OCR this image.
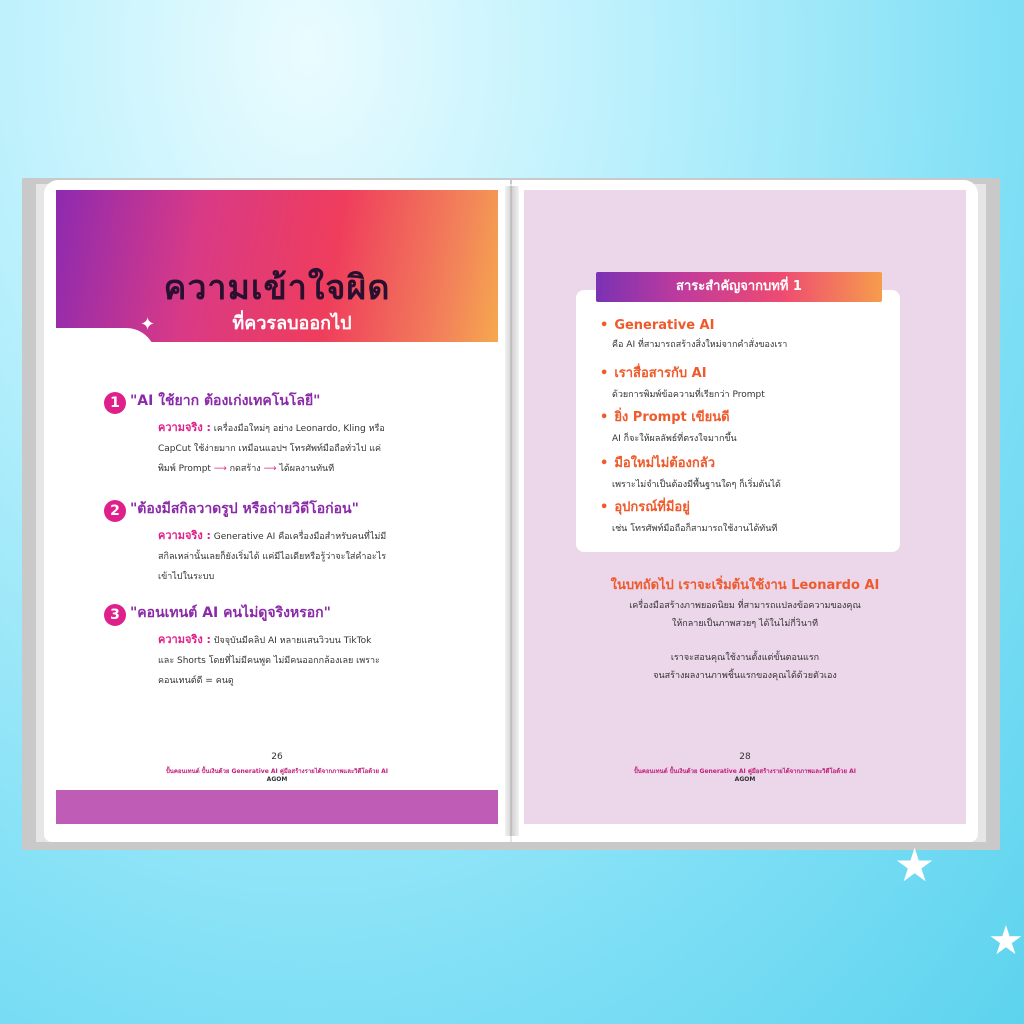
ความเข้าใจผิด
ที่ควรลบออกไป
✦
1 "AI ใช้ยาก ต้องเก่งเทคโนโลยี"

ความจริง : เครื่องมือใหม่ๆ อย่าง Leonardo, Kling หรือ
CapCut ใช้ง่ายมาก เหมือนแอปฯ โทรศัพท์มือถือทั่วไป แค่
พิมพ์ Prompt ⟶ กดสร้าง ⟶ ได้ผลงานทันที

2 "ต้องมีสกิลวาดรูป หรือถ่ายวิดีโอก่อน"

ความจริง : Generative AI คือเครื่องมือสำหรับคนที่ไม่มี
สกิลเหล่านั้นเลยก็ยังเริ่มได้ แค่มีไอเดียหรือรู้ว่าจะใส่คำอะไร
เข้าไปในระบบ

3 "คอนเทนต์ AI คนไม่ดูจริงหรอก"

ความจริง : ปัจจุบันมีคลิป AI หลายแสนวิวบน TikTok
และ Shorts โดยที่ไม่มีคนพูด ไม่มีคนออกกล้องเลย เพราะ
คอนเทนต์ดี = คนดู

26
ปั้นคอนเทนต์ ปั้นเงินด้วย Generative AI คู่มือสร้างรายได้จากภาพและวิดีโอด้วย AI
AGOM
สาระสำคัญจากบทที่ 1

• Generative AI

คือ AI ที่สามารถสร้างสิ่งใหม่จากคำสั่งของเรา

• เราสื่อสารกับ AI

ด้วยการพิมพ์ข้อความที่เรียกว่า Prompt

• ยิ่ง Prompt เขียนดี

AI ก็จะให้ผลลัพธ์ที่ตรงใจมากขึ้น

• มือใหม่ไม่ต้องกลัว

เพราะไม่จำเป็นต้องมีพื้นฐานใดๆ ก็เริ่มต้นได้

• อุปกรณ์ที่มีอยู่

เช่น โทรศัพท์มือถือก็สามารถใช้งานได้ทันที

ในบทถัดไป เราจะเริ่มต้นใช้งาน Leonardo AI
เครื่องมือสร้างภาพยอดนิยม ที่สามารถแปลงข้อความของคุณ
ให้กลายเป็นภาพสวยๆ ได้ในไม่กี่วินาที
เราจะสอนคุณใช้งานตั้งแต่ขั้นตอนแรก
จนสร้างผลงานภาพชิ้นแรกของคุณได้ด้วยตัวเอง
28
ปั้นคอนเทนต์ ปั้นเงินด้วย Generative AI คู่มือสร้างรายได้จากภาพและวิดีโอด้วย AI
AGOM
★
★
